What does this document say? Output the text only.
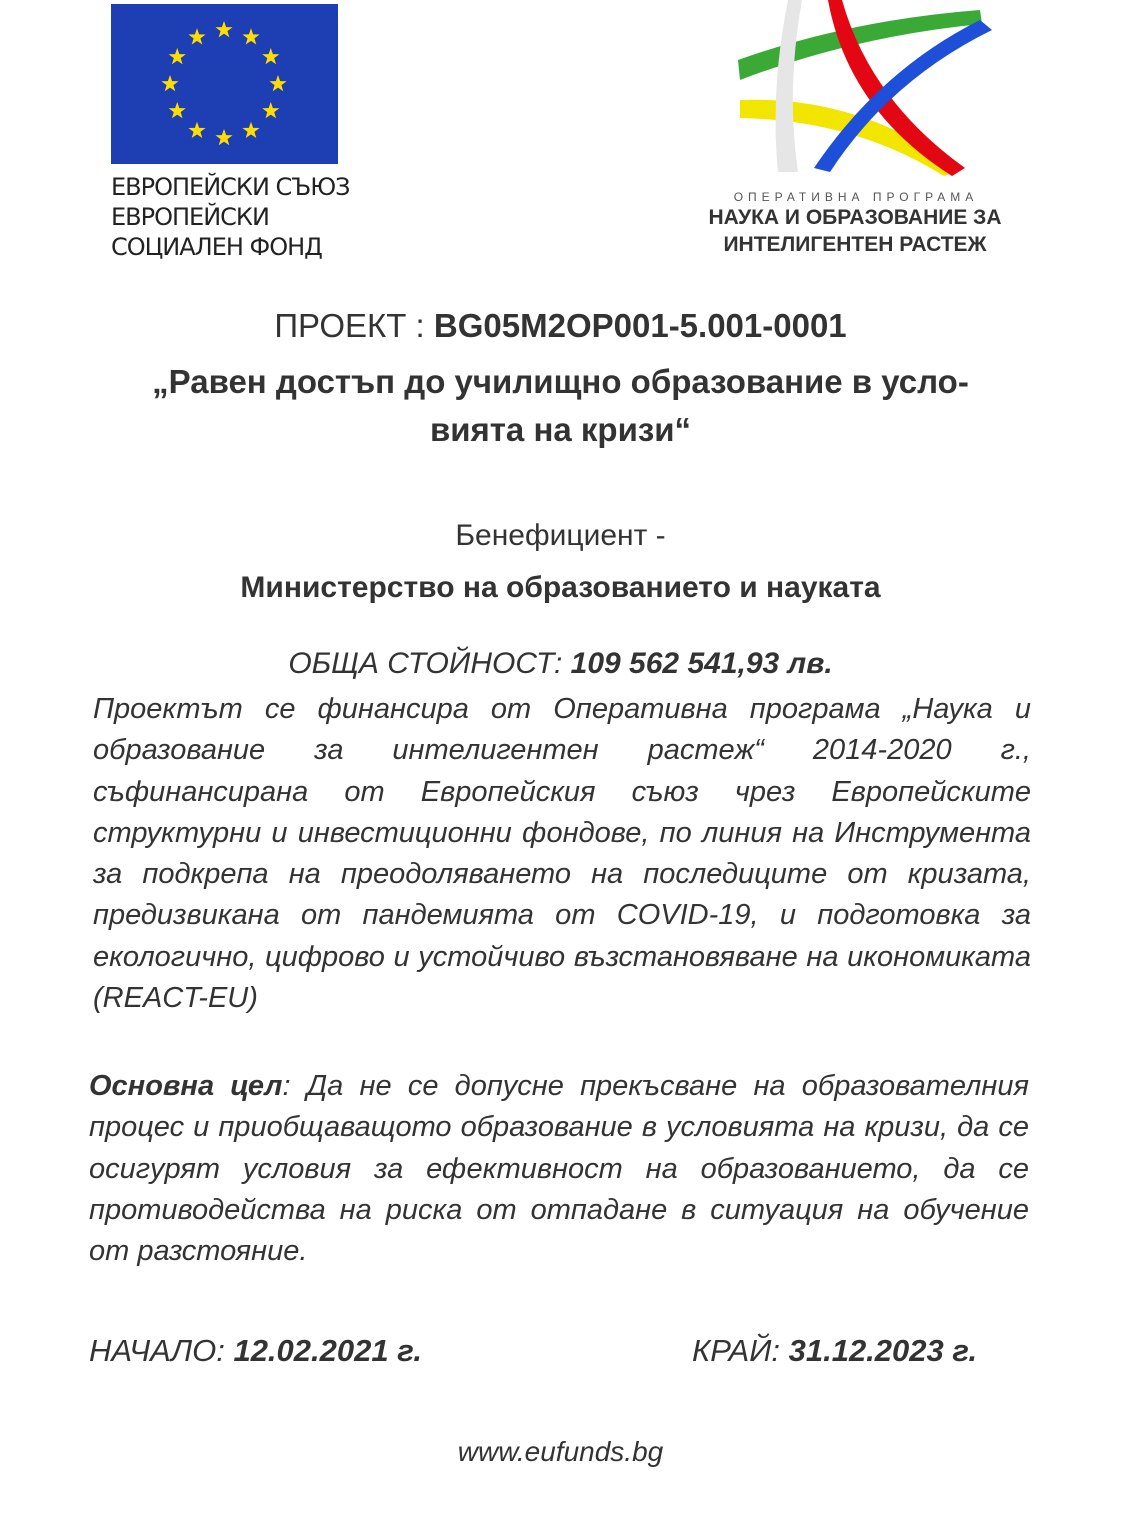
ЕВРОПЕЙСКИ СЪЮЗ
ЕВРОПЕЙСКИ
СОЦИАЛЕН ФОНД
ОПЕРАТИВНА ПРОГРАМА
НАУКА И ОБРАЗОВАНИЕ ЗА
ИНТЕЛИГЕНТЕН РАСТЕЖ
ПРОЕКТ : BG05M2OP001-5.001-0001
„Равен достъп до училищно образование в усло-
вията на кризи“
Бенефициент -
Министерство на образованието и науката
ОБЩА СТОЙНОСТ: 109 562 541,93 лв.
Проектът се финансира от Оперативна програма „Наука и образование за интелигентен растеж“ 2014-2020 г., съфинансирана от Европейския съюз чрез Европейските структурни и инвестиционни фондове, по линия на Инструмента за подкрепа на преодоляването на последиците от кризата, предизвикана от пандемията от COVID-19, и подготовка за екологично, цифрово и устойчиво възстановяване на икономиката (REACT-EU)
Основна цел: Да не се допусне прекъсване на образователния процес и приобщаващото образование в условията на кризи, да се осигурят условия за ефективност на образованието, да се противодейства на риска от отпадане в ситуация на обучение от разстояние.
НАЧАЛО: 12.02.2021 г.	КРАЙ: 31.12.2023 г.
www.eufunds.bg
